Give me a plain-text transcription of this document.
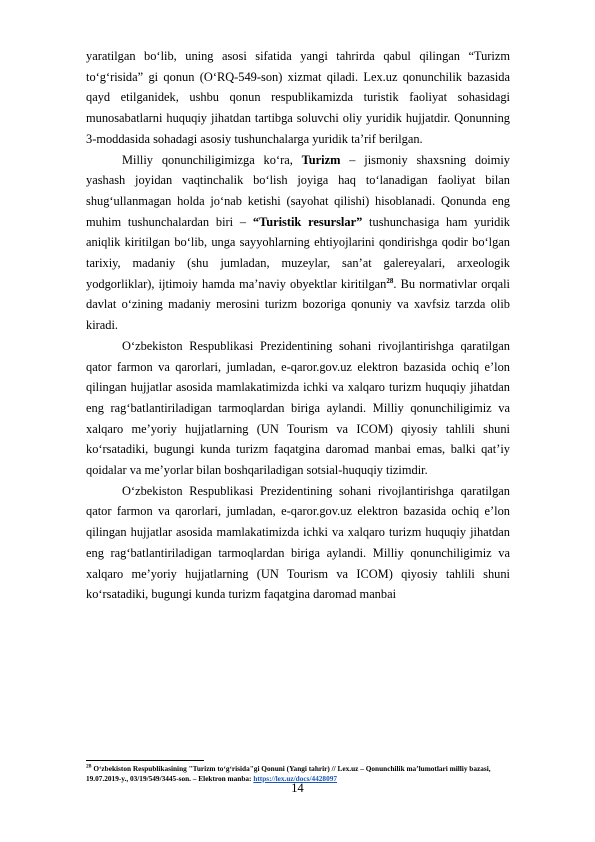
yaratilgan bo‘lib, uning asosi sifatida yangi tahrirda qabul qilingan “Turizm to‘g‘risida” gi qonun (O‘RQ-549-son) xizmat qiladi. Lex.uz qonunchilik bazasida qayd etilganidek, ushbu qonun respublikamizda turistik faoliyat sohasidagi munosabatlarni huquqiy jihatdan tartibga soluvchi oliy yuridik hujjatdir. Qonunning 3-moddasida sohadagi asosiy tushunchalarga yuridik ta’rif berilgan.

Milliy qonunchiligimizga ko‘ra, Turizm – jismoniy shaxsning doimiy yashash joyidan vaqtinchalik bo‘lish joyiga haq to‘lanadigan faoliyat bilan shug‘ullanmagan holda jo‘nab ketishi (sayohat qilishi) hisoblanadi. Qonunda eng muhim tushunchalardan biri – “Turistik resurslar” tushunchasiga ham yuridik aniqlik kiritilgan bo‘lib, unga sayyohlarning ehtiyojlarini qondirishga qodir bo‘lgan tarixiy, madaniy (shu jumladan, muzeylar, san’at galereyalari, arxeologik yodgorliklar), ijtimoiy hamda ma’naviy obyektlar kiritilgan$^{28}$. Bu normativlar orqali davlat o‘zining madaniy merosini turizm bozoriga qonuniy va xavfsiz tarzda olib kiradi.

O‘zbekiston Respublikasi Prezidentining sohani rivojlantirishga qaratilgan qator farmon va qarorlari, jumladan, e-qaror.gov.uz elektron bazasida ochiq e’lon qilingan hujjatlar asosida mamlakatimizda ichki va xalqaro turizm huquqiy jihatdan eng rag‘batlantiriladigan tarmoqlardan biriga aylandi. Milliy qonunchiligimiz va xalqaro me’yoriy hujjatlarning (UN Tourism va ICOM) qiyosiy tahlili shuni ko‘rsatadiki, bugungi kunda turizm faqatgina daromad manbai emas, balki qat’iy qoidalar va me’yorlar bilan boshqariladigan sotsial-huquqiy tizimdir.

O‘zbekiston Respublikasi Prezidentining sohani rivojlantirishga qaratilgan qator farmon va qarorlari, jumladan, e-qaror.gov.uz elektron bazasida ochiq e’lon qilingan hujjatlar asosida mamlakatimizda ichki va xalqaro turizm huquqiy jihatdan eng rag‘batlantiriladigan tarmoqlardan biriga aylandi. Milliy qonunchiligimiz va xalqaro me’yoriy hujjatlarning (UN Tourism va ICOM) qiyosiy tahlili shuni ko‘rsatadiki, bugungi kunda turizm faqatgina daromad manbai

$^{28}$ O‘zbekiston Respublikasining "Turizm to‘g‘risida"gi Qonuni (Yangi tahrir) // Lex.uz – Qonunchilik ma’lumotlari milliy bazasi, 19.07.2019-y., 03/19/549/3445-son. – Elektron manba: https://lex.uz/docs/4428097
14
